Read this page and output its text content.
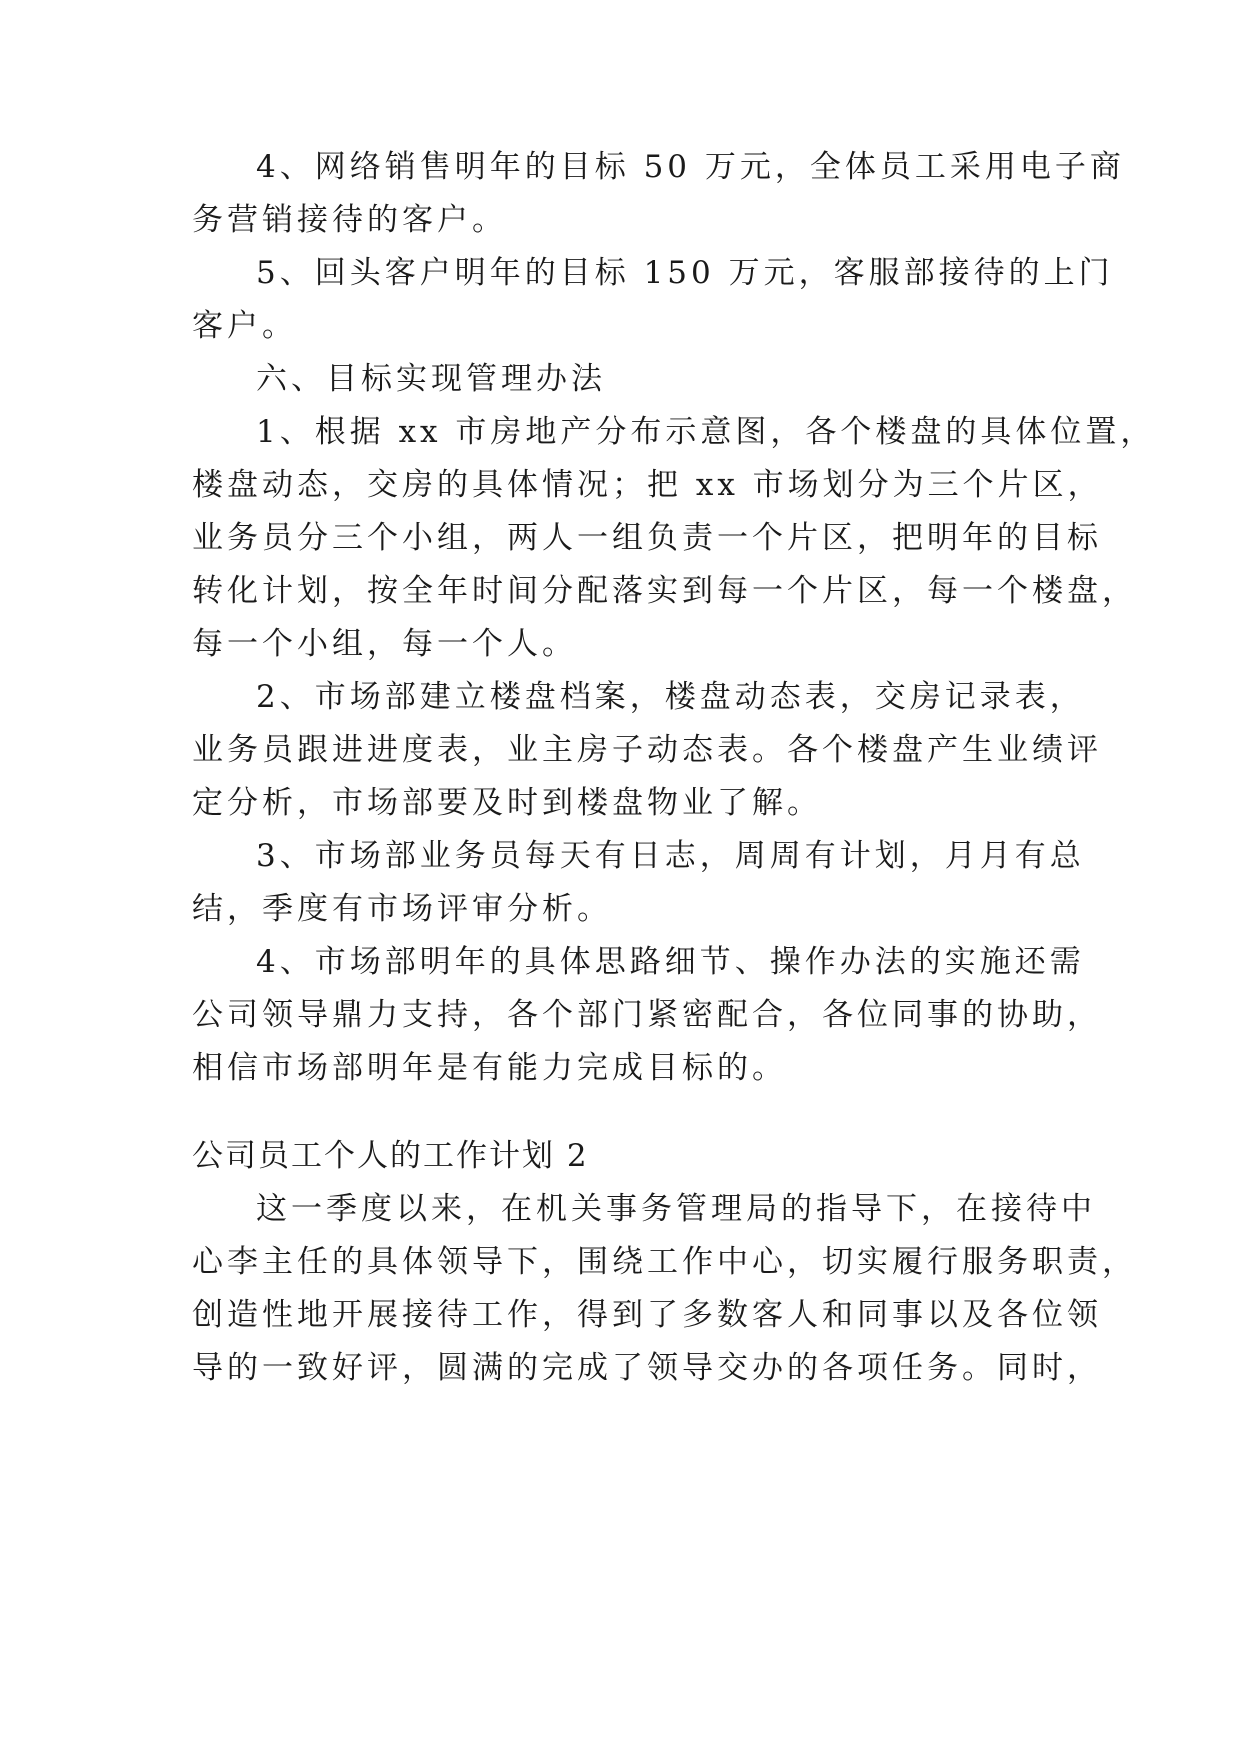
4、网络销售明年的目标 50 万元，全体员工采用电子商
务营销接待的客户。
5、回头客户明年的目标 150 万元，客服部接待的上门
客户。
六、目标实现管理办法
1、根据 xx 市房地产分布示意图，各个楼盘的具体位置，
楼盘动态，交房的具体情况；把 xx 市场划分为三个片区，
业务员分三个小组，两人一组负责一个片区，把明年的目标
转化计划，按全年时间分配落实到每一个片区，每一个楼盘，
每一个小组，每一个人。
2、市场部建立楼盘档案，楼盘动态表，交房记录表，
业务员跟进进度表，业主房子动态表。各个楼盘产生业绩评
定分析，市场部要及时到楼盘物业了解。
3、市场部业务员每天有日志，周周有计划，月月有总
结，季度有市场评审分析。
4、市场部明年的具体思路细节、操作办法的实施还需
公司领导鼎力支持，各个部门紧密配合，各位同事的协助，
相信市场部明年是有能力完成目标的。
公司员工个人的工作计划 2
这一季度以来，在机关事务管理局的指导下，在接待中
心李主任的具体领导下，围绕工作中心，切实履行服务职责，
创造性地开展接待工作，得到了多数客人和同事以及各位领
导的一致好评，圆满的完成了领导交办的各项任务。同时，
